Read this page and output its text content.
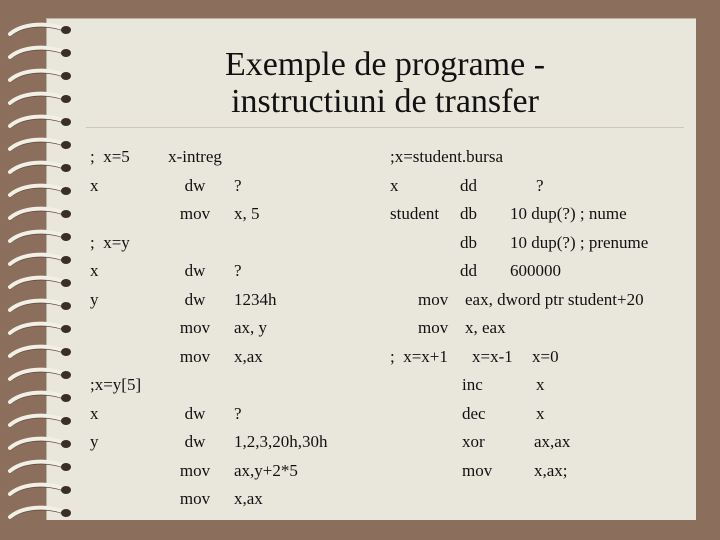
Exemple de programe -
instructiuni de transfer
;  x=5
x
;  x=y
x
y
;x=y[5]
x
y
x-intreg
dw
mov
dw
dw
mov
mov
dw
dw
mov
mov
?
x, 5
?
1234h
ax, y
x,ax
?
1,2,3,20h,30h
ax,y+2*5
x,ax
;x=student.bursa
x
student
;  x=x+1
dd
db
db
dd
mov
mov
x=x-1
inc
dec
xor
mov
?
10 dup(?) ; nume
10 dup(?) ; prenume
600000
eax, dword ptr student+20
x, eax
x=0
x
x
ax,ax
x,ax;
